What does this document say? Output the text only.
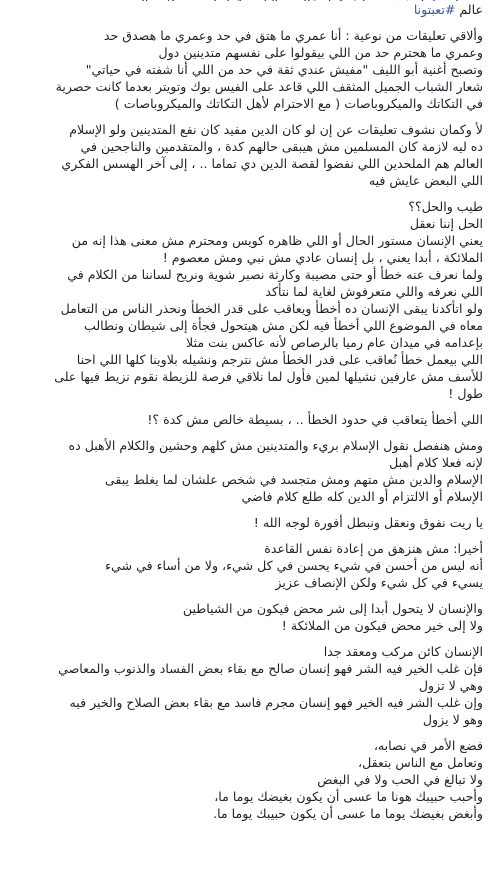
عالم #تعبتونا
وألاقي تعليقات من نوعية : أنا عمري ما هتق في حد وعمري ما هصدق حد
وعمري ما هحترم حد من اللي بيقولوا على نفسهم متدينين دول
وتصبح أغنية أبو الليف "مفيش عندي ثقة في حد من اللي أنا شفته في حياتي"
شعار الشباب الجميل المثقف اللي قاعد على الفيس بوك وتويتر بعدما كانت حصرية
في التكاتك والميكروباصات ( مع الاحترام لأهل التكاتك والميكروباصات )
لأ وكمان نشوف تعليقات عن إن لو كان الدين مفيد كان نفع المتدينين ولو الإسلام
ده ليه لازمة كان المسلمين مش هيبقى حالهم كدة ، والمتقدمين والناجحين في
العالم هم الملحدين اللي نفضوا لقصة الدين دي تماما .. ، إلى آخر الهسس الفكري
اللي البعض عايش فيه
طيب والحل؟؟
الحل إننا نعقل
يعني الإنسان مستور الحال أو اللي ظاهره كويس ومحترم مش معنى هذا إنه من
الملائكة ، أبدا يعني ، بل إنسان عادي مش نبي ومش معصوم !
ولما نعرف عنه خطأ أو حتى مصيبة وكارثة نصبر شوية ونريح لساننا من الكلام في
اللي نعرفه واللي متعرفوش لغاية لما نتأكد
ولو اتأكدنا يبقى الإنسان ده أخطأ ويعاقب على قدر الخطأ ونحذر الناس من التعامل
معاه في الموضوع اللي أخطأ فيه لكن مش هيتحول فجأة إلى شيطان ونطالب
بإعدامه في ميدان عام رميا بالرصاص لأنه عاكس بنت مثلا
اللي بيعمل خطأ نُعاقب على قدر الخطأ مش نترجم ونشيله بلاوينا كلها اللي احنا
للأسف مش عارفين نشيلها لمين فأول لما نلاقي فرصة للزيطة نقوم نزيط فيها على
طول !
اللي أخطأ يتعاقب في حدود الخطأ .. ، بسيطة خالص مش كدة ؟!
ومش هنفصل نقول الإسلام بريء والمتدينين مش كلهم وحشين والكلام الأهبل ده
لإنه فعلا كلام أهبل
الإسلام والدين مش متهم ومش متجسد في شخص علشان لما يغلط يبقى
الإسلام أو الالتزام أو الدين كله طلع كلام فاضي
يا ريت نفوق ونعقل ونبطل أفورة لوجه الله !
أخيرا: مش هنزهق من إعادة نفس القاعدة
أنه ليس من أحسن في شيء يحسن في كل شيء، ولا من أساء في شيء
يسيء في كل شيء ولكن الإنصاف عزيز
والإنسان لا يتحول أبدا إلى شر محض فيكون من الشياطين
ولا إلى خير محض فيكون من الملائكة !
الإنسان كائن مركب ومعقد جدا
فإن غلب الخير فيه الشر فهو إنسان صالح مع بقاء بعض الفساد والذنوب والمعاصي
وهي لا تزول
وإن غلب الشر فيه الخير فهو إنسان مجرم فاسد مع بقاء بعض الصلاح والخير فيه
وهو لا يزول
فضع الأمر في نصابه،
وتعامل مع الناس بتعقل،
ولا تبالغ في الحب ولا في البغض
وأحبب حبيبك هونا ما عسى أن يكون بغيضك يوما ما،
وأبغض بغيضك يوما ما عسى أن يكون حبيبك يوما ما.
